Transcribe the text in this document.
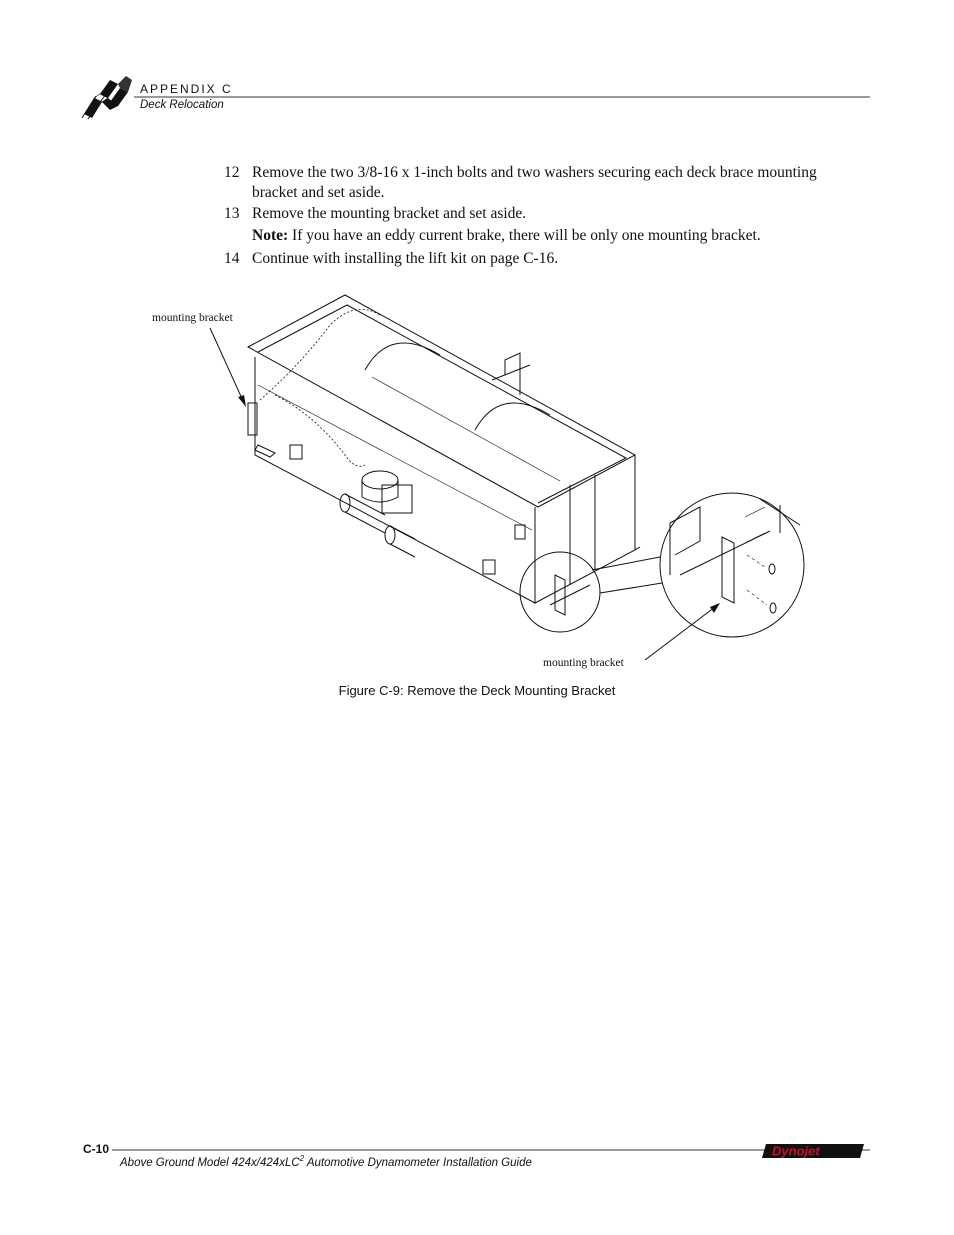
APPENDIX C
Deck Relocation
12 Remove the two 3/8-16 x 1-inch bolts and two washers securing each deck brace mounting bracket and set aside.
13 Remove the mounting bracket and set aside.
Note: If you have an eddy current brake, there will be only one mounting bracket.
14 Continue with installing the lift kit on page C-16.
mounting bracket
mounting bracket
Figure C-9: Remove the Deck Mounting Bracket
C-10
Above Ground Model 424x/424xLC$^2$ Automotive Dynamometer Installation Guide
Dynojet
